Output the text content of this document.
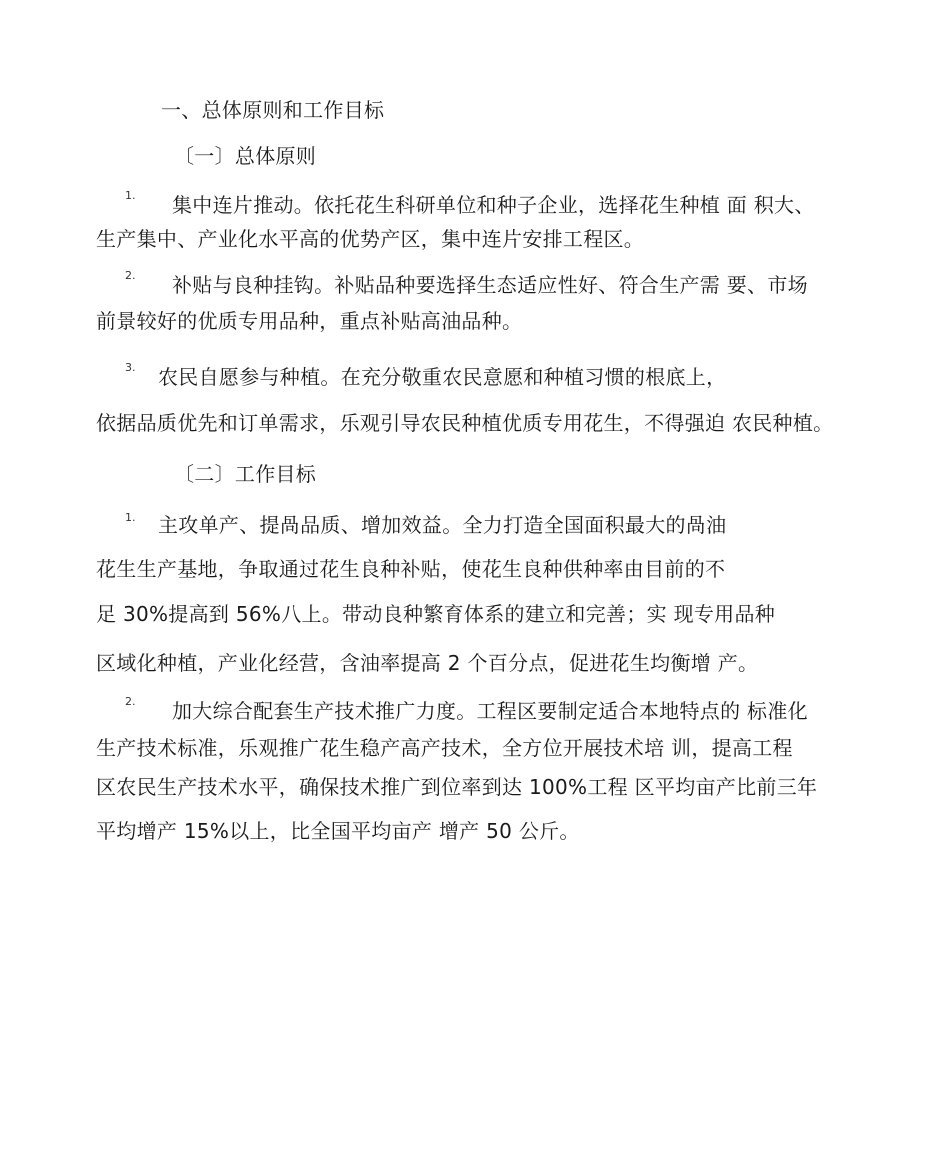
一、总体原则和工作目标
〔一〕总体原则
1. 集中连片推动。依托花生科研单位和种子企业，选择花生种植 面 积大、
生产集中、产业化水平高的优势产区，集中连片安排工程区。
2. 补贴与良种挂钩。补贴品种要选择生态适应性好、符合生产需 要、市场
前景较好的优质专用品种，重点补贴高油品种。
3. 农民自愿参与种植。在充分敬重农民意愿和种植习惯的根底上，
依据品质优先和订单需求，乐观引导农民种植优质专用花生，不得强迫 农民种植。
〔二〕工作目标
1. 主攻单产、提咼品质、增加效益。全力打造全国面积最大的咼油
花生生产基地，争取通过花生良种补贴，使花生良种供种率由目前的不
足 30%提高到 56%八上。带动良种繁育体系的建立和完善；实 现专用品种
区域化种植，产业化经营，含油率提高 2 个百分点，促进花生均衡增 产。
2. 加大综合配套生产技术推广力度。工程区要制定适合本地特点的 标准化
生产技术标准，乐观推广花生稳产高产技术，全方位开展技术培 训，提高工程
区农民生产技术水平，确保技术推广到位率到达 100%工程 区平均亩产比前三年
平均增产 15%以上，比全国平均亩产 增产 50 公斤。
